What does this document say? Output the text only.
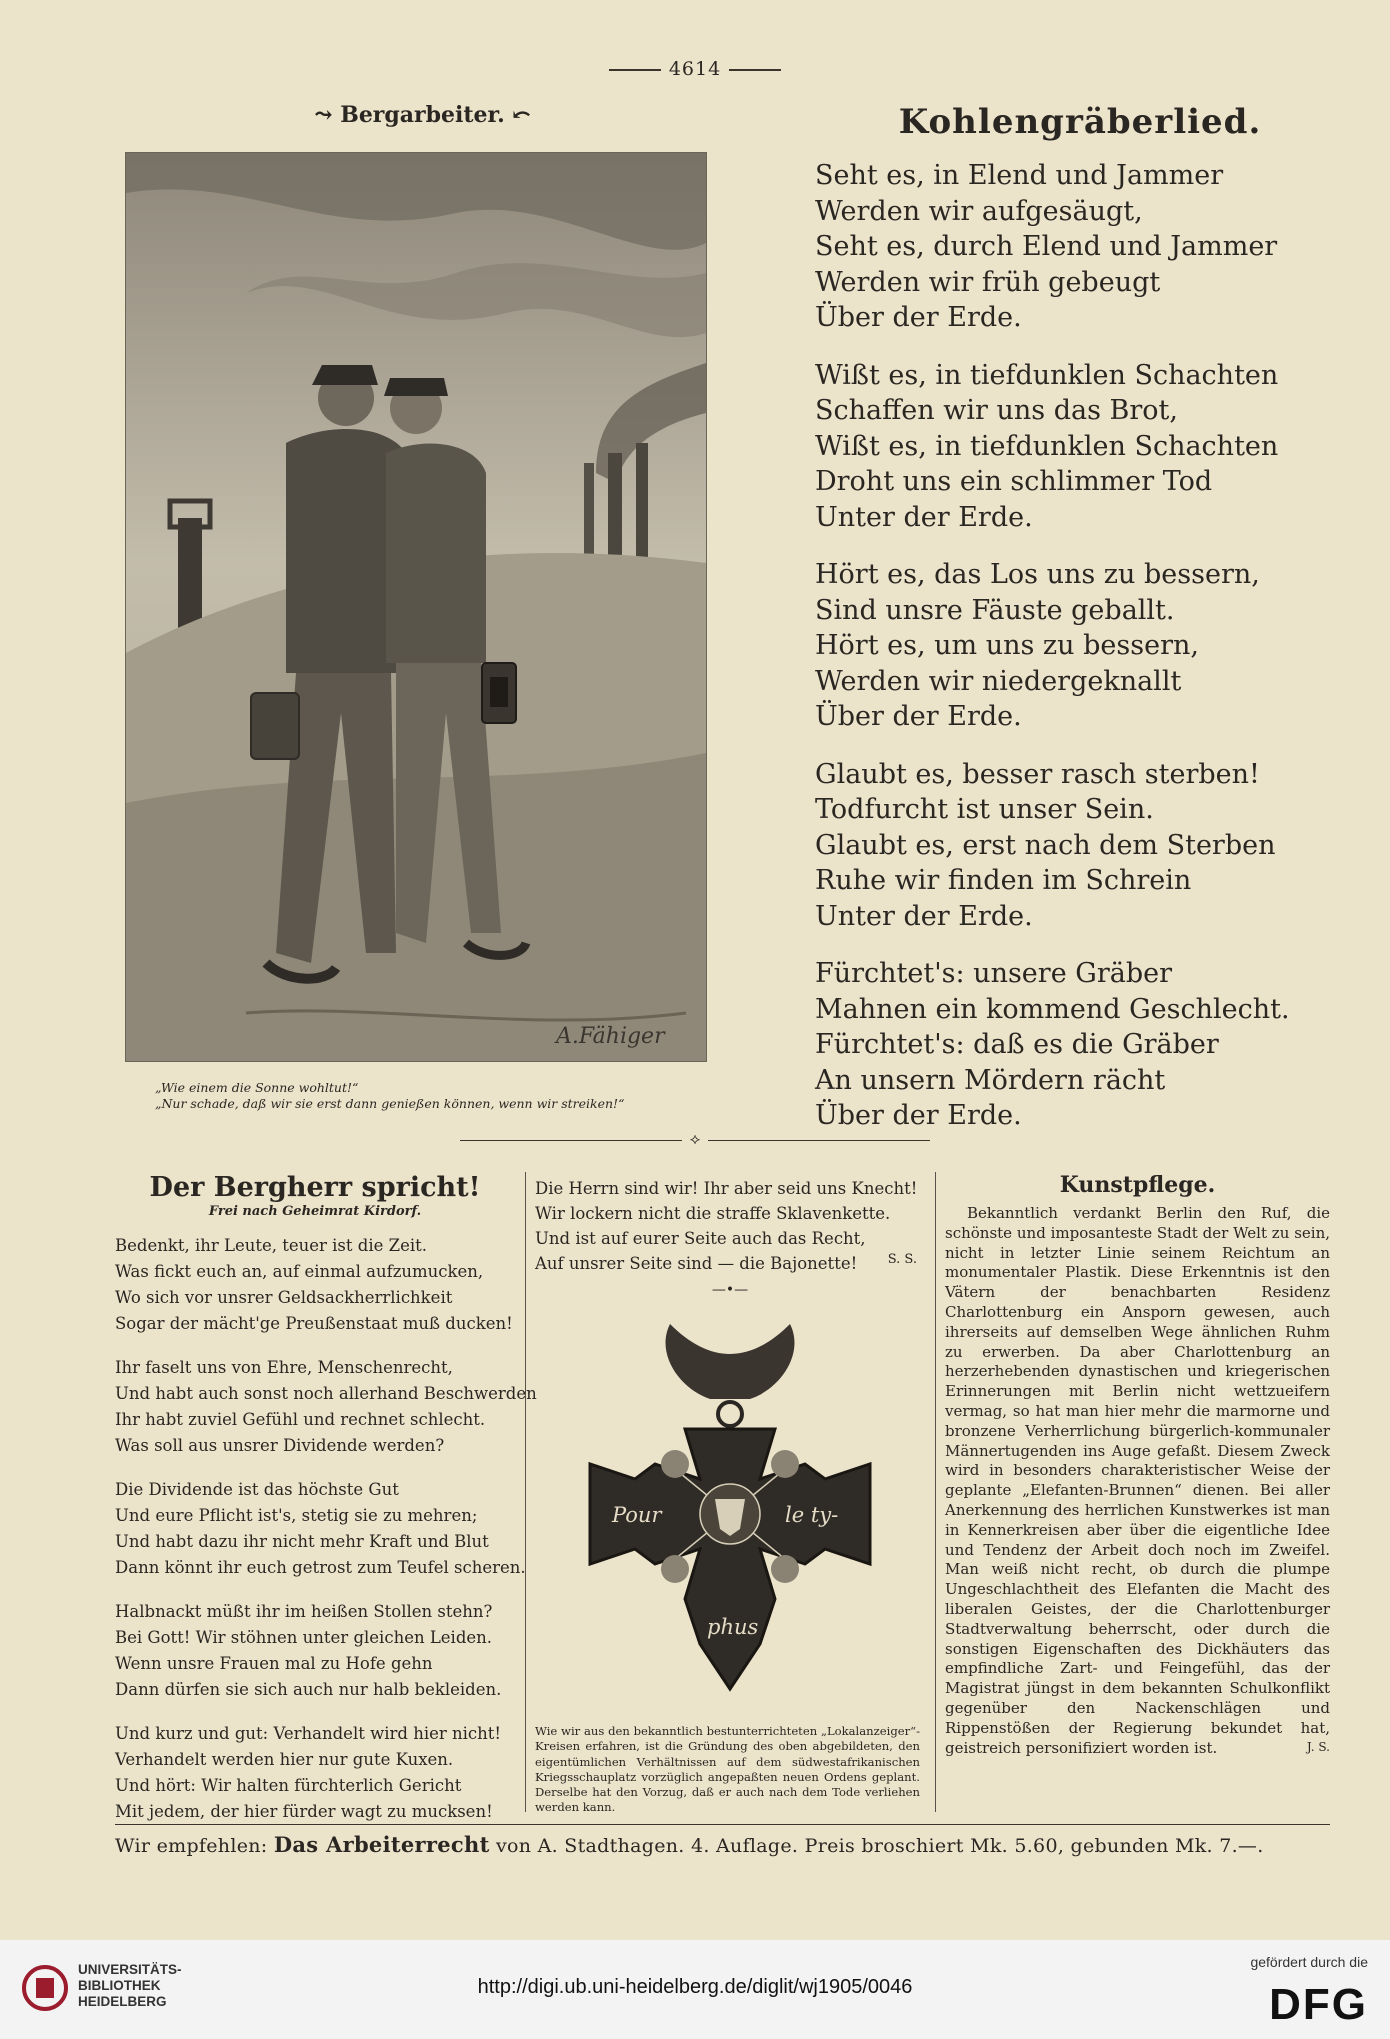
4614
⤳ Bergarbeiter. ⤺
A.Fähiger
„Wie einem die Sonne wohltut!“
„Nur schade, daß wir sie erst dann genießen können, wenn wir streiken!“
Kohlengräberlied.
Seht es, in Elend und Jammer
Werden wir aufgesäugt,
Seht es, durch Elend und Jammer
Werden wir früh gebeugt
Über der Erde.
Wißt es, in tiefdunklen Schachten
Schaffen wir uns das Brot,
Wißt es, in tiefdunklen Schachten
Droht uns ein schlimmer Tod
Unter der Erde.
Hört es, das Los uns zu bessern,
Sind unsre Fäuste geballt.
Hört es, um uns zu bessern,
Werden wir niedergeknallt
Über der Erde.
Glaubt es, besser rasch sterben!
Todfurcht ist unser Sein.
Glaubt es, erst nach dem Sterben
Ruhe wir finden im Schrein
Unter der Erde.
Fürchtet's: unsere Gräber
Mahnen ein kommend Geschlecht.
Fürchtet's: daß es die Gräber
An unsern Mördern rächt
Über der Erde.
⟡
Der Bergherr spricht!
Frei nach Geheimrat Kirdorf.
Bedenkt, ihr Leute, teuer ist die Zeit.
Was fickt euch an, auf einmal aufzumucken,
Wo sich vor unsrer Geldsackherrlichkeit
Sogar der mächt'ge Preußenstaat muß ducken!
Ihr faselt uns von Ehre, Menschenrecht,
Und habt auch sonst noch allerhand Beschwerden
Ihr habt zuviel Gefühl und rechnet schlecht.
Was soll aus unsrer Dividende werden?
Die Dividende ist das höchste Gut
Und eure Pflicht ist's, stetig sie zu mehren;
Und habt dazu ihr nicht mehr Kraft und Blut
Dann könnt ihr euch getrost zum Teufel scheren.
Halbnackt müßt ihr im heißen Stollen stehn?
Bei Gott! Wir stöhnen unter gleichen Leiden.
Wenn unsre Frauen mal zu Hofe gehn
Dann dürfen sie sich auch nur halb bekleiden.
Und kurz und gut: Verhandelt wird hier nicht!
Verhandelt werden hier nur gute Kuxen.
Und hört: Wir halten fürchterlich Gericht
Mit jedem, der hier fürder wagt zu mucksen!
Die Herrn sind wir! Ihr aber seid uns Knecht!
Wir lockern nicht die straffe Sklavenkette.
Und ist auf eurer Seite auch das Recht,
Auf unsrer Seite sind — die Bajonette!	S. S.
—•—
Pour	le ty-
phus
Wie wir aus den bekanntlich bestunterrichteten „Lokalanzeiger“-Kreisen erfahren, ist die Gründung des oben abgebildeten, den eigentümlichen Verhältnissen auf dem südwestafrikanischen Kriegsschauplatz vorzüglich angepaßten neuen Ordens geplant. Derselbe hat den Vorzug, daß er auch nach dem Tode verliehen werden kann.
Kunstpflege.

Bekanntlich verdankt Berlin den Ruf, die schönste und imposanteste Stadt der Welt zu sein, nicht in letzter Linie seinem Reichtum an monumentaler Plastik. Diese Erkenntnis ist den Vätern der benachbarten Residenz Charlottenburg ein Ansporn gewesen, auch ihrerseits auf demselben Wege ähnlichen Ruhm zu erwerben. Da aber Charlottenburg an herzerhebenden dynastischen und kriegerischen Erinnerungen mit Berlin nicht wettzueifern vermag, so hat man hier mehr die marmorne und bronzene Verherrlichung bürgerlich-kommunaler Männertugenden ins Auge gefaßt. Diesem Zweck wird in besonders charakteristischer Weise der geplante „Elefanten-Brunnen“ dienen. Bei aller Anerkennung des herrlichen Kunstwerkes ist man in Kennerkreisen aber über die eigentliche Idee und Tendenz der Arbeit doch noch im Zweifel. Man weiß nicht recht, ob durch die plumpe Ungeschlachtheit des Elefanten die Macht des liberalen Geistes, der die Charlottenburger Stadtverwaltung beherrscht, oder durch die sonstigen Eigenschaften des Dickhäuters das empfindliche Zart- und Feingefühl, das der Magistrat jüngst in dem bekannten Schulkonflikt gegenüber den Nackenschlägen und Rippenstößen der Regierung bekundet hat, geistreich personifiziert worden ist.	J. S.
Wir empfehlen: Das Arbeiterrecht von A. Stadthagen. 4. Auflage. Preis broschiert Mk. 5.60, gebunden Mk. 7.—.
UNIVERSITÄTS-
BIBLIOTHEK
HEIDELBERG
http://digi.ub.uni-heidelberg.de/diglit/wj1905/0046
gefördert durch die
DFG
